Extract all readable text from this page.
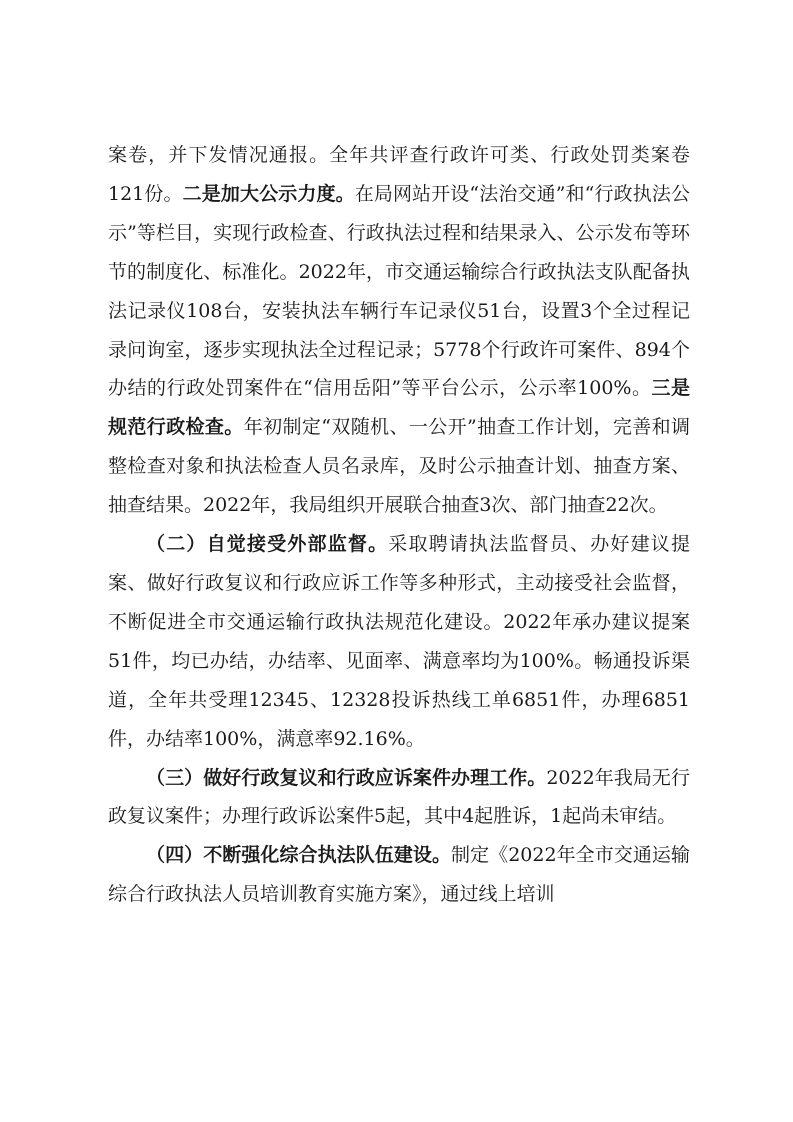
案卷，并下发情况通报。全年共评查行政许可类、行政处罚类案卷121份。二是加大公示力度。在局网站开设“法治交通”和“行政执法公示”等栏目，实现行政检查、行政执法过程和结果录入、公示发布等环节的制度化、标准化。2022年，市交通运输综合行政执法支队配备执法记录仪108台，安装执法车辆行车记录仪51台，设置3个全过程记录问询室，逐步实现执法全过程记录；5778个行政许可案件、894个办结的行政处罚案件在“信用岳阳”等平台公示，公示率100%。三是规范行政检查。年初制定“双随机、一公开”抽查工作计划，完善和调整检查对象和执法检查人员名录库，及时公示抽查计划、抽查方案、抽查结果。2022年，我局组织开展联合抽查3次、部门抽查22次。

（二）自觉接受外部监督。采取聘请执法监督员、办好建议提案、做好行政复议和行政应诉工作等多种形式，主动接受社会监督，不断促进全市交通运输行政执法规范化建设。2022年承办建议提案51件，均已办结，办结率、见面率、满意率均为100%。畅通投诉渠道，全年共受理12345、12328投诉热线工单6851件，办理6851件，办结率100%，满意率92.16%。

（三）做好行政复议和行政应诉案件办理工作。2022年我局无行政复议案件；办理行政诉讼案件5起，其中4起胜诉，1起尚未审结。

（四）不断强化综合执法队伍建设。制定《2022年全市交通运输综合行政执法人员培训教育实施方案》，通过线上培训
